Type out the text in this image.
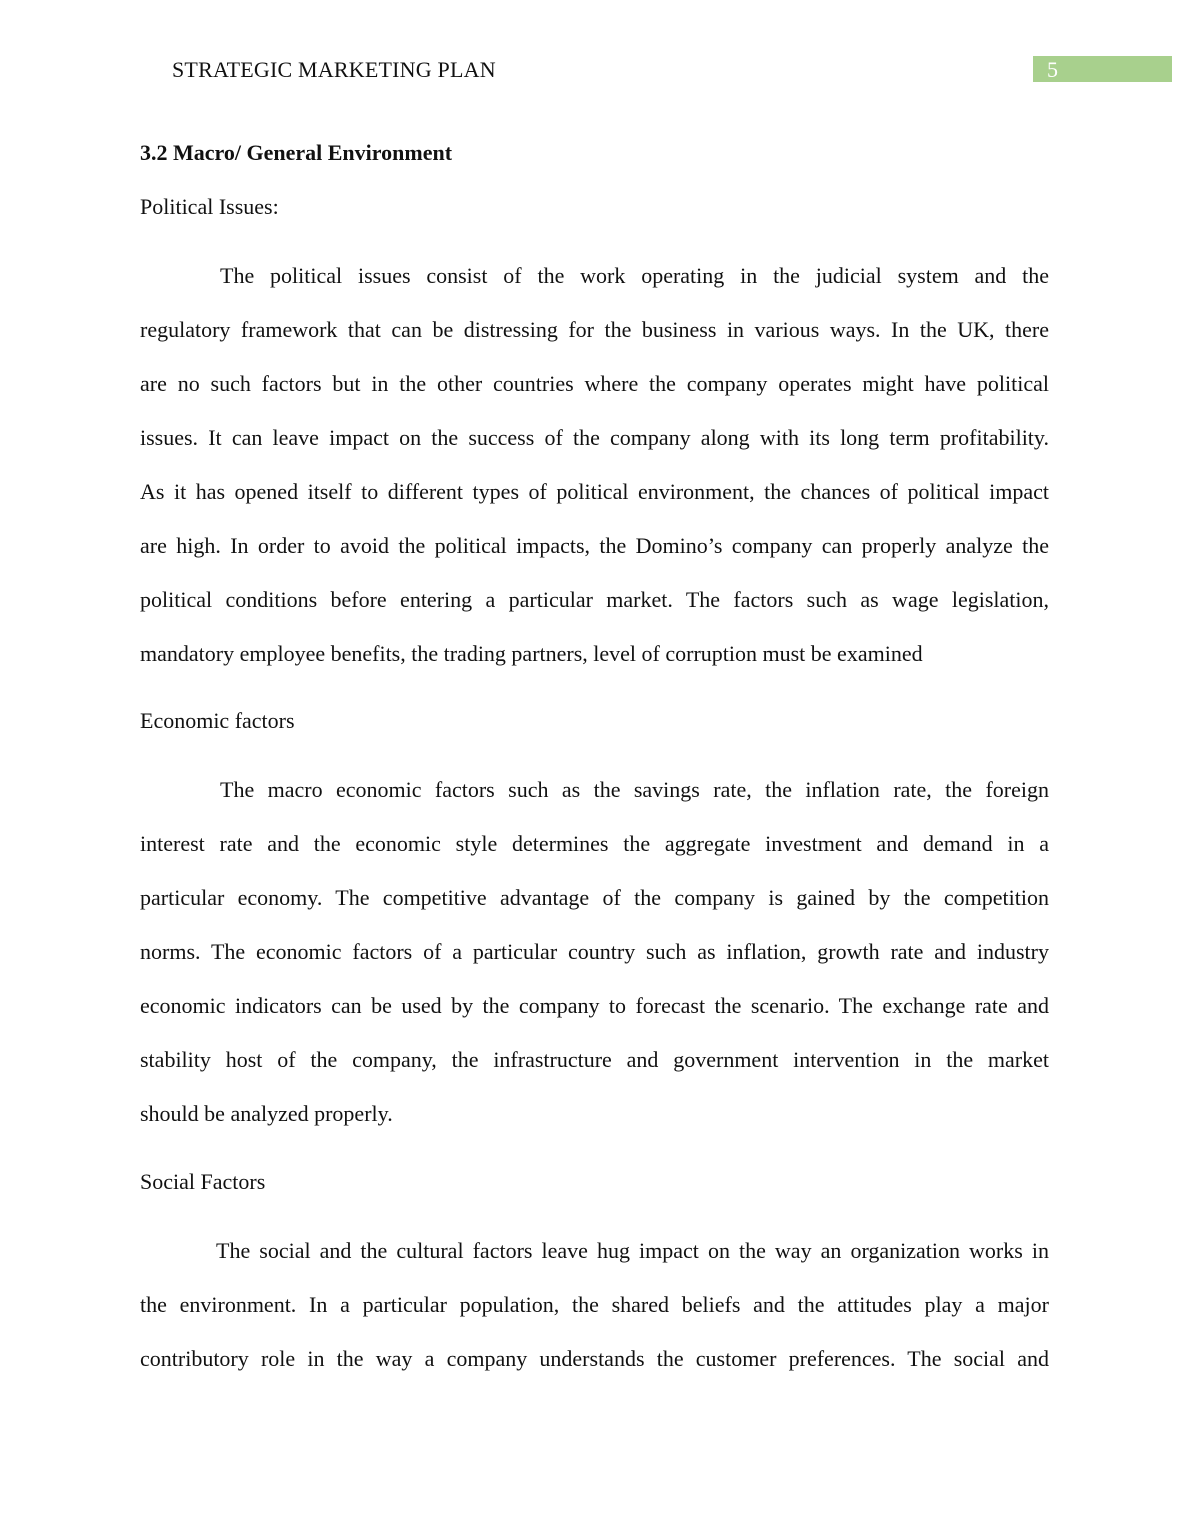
STRATEGIC MARKETING PLAN	5
3.2 Macro/ General Environment
Political Issues:
The political issues consist of the work operating in the judicial system and the
regulatory framework that can be distressing for the business in various ways. In the UK, there
are no such factors but in the other countries where the company operates might have political
issues. It can leave impact on the success of the company along with its long term profitability.
As it has opened itself to different types of political environment, the chances of political impact
are high. In order to avoid the political impacts, the Domino’s company can properly analyze the
political conditions before entering a particular market. The factors such as wage legislation,
mandatory employee benefits, the trading partners, level of corruption must be examined
Economic factors
The macro economic factors such as the savings rate, the inflation rate, the foreign
interest rate and the economic style determines the aggregate investment and demand in a
particular economy. The competitive advantage of the company is gained by the competition
norms. The economic factors of a particular country such as inflation, growth rate and industry
economic indicators can be used by the company to forecast the scenario. The exchange rate and
stability host of the company, the infrastructure and government intervention in the market
should be analyzed properly.
Social Factors
The social and the cultural factors leave hug impact on the way an organization works in
the environment. In a particular population, the shared beliefs and the attitudes play a major
contributory role in the way a company understands the customer preferences. The social and
